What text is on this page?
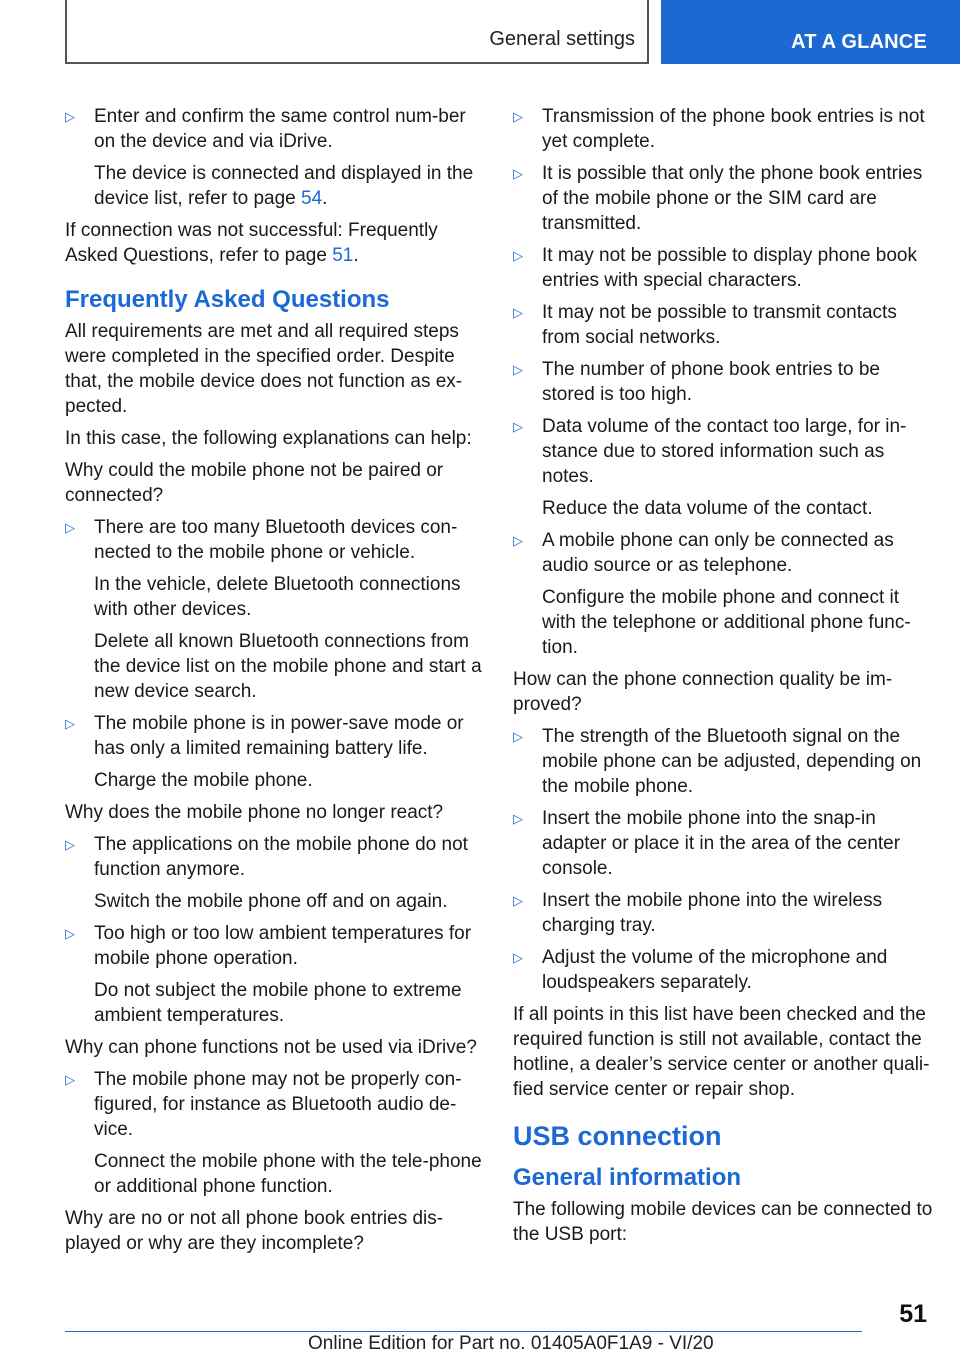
General settings	AT A GLANCE
▷ Enter and confirm the same control num‐ber on the device and via iDrive.
The device is connected and displayed in the device list, refer to page 54.
If connection was not successful: Frequently Asked Questions, refer to page 51.
Frequently Asked Questions
All requirements are met and all required steps were completed in the specified order. Despite that, the mobile device does not function as ex‐pected.
In this case, the following explanations can help:
Why could the mobile phone not be paired or connected?
▷ There are too many Bluetooth devices con‐nected to the mobile phone or vehicle.
In the vehicle, delete Bluetooth connections with other devices.
Delete all known Bluetooth connections from the device list on the mobile phone and start a new device search.
▷ The mobile phone is in power-save mode or has only a limited remaining battery life.
Charge the mobile phone.
Why does the mobile phone no longer react?
▷ The applications on the mobile phone do not function anymore.
Switch the mobile phone off and on again.
▷ Too high or too low ambient temperatures for mobile phone operation.
Do not subject the mobile phone to extreme ambient temperatures.
Why can phone functions not be used via iDrive?
▷ The mobile phone may not be properly con‐figured, for instance as Bluetooth audio de‐vice.
Connect the mobile phone with the tele‐phone or additional phone function.
Why are no or not all phone book entries dis‐played or why are they incomplete?
▷ Transmission of the phone book entries is not yet complete.
▷ It is possible that only the phone book entries of the mobile phone or the SIM card are transmitted.
▷ It may not be possible to display phone book entries with special characters.
▷ It may not be possible to transmit contacts from social networks.
▷ The number of phone book entries to be stored is too high.
▷ Data volume of the contact too large, for in‐stance due to stored information such as notes.
Reduce the data volume of the contact.
▷ A mobile phone can only be connected as audio source or as telephone.
Configure the mobile phone and connect it with the telephone or additional phone func‐tion.
How can the phone connection quality be im‐proved?
▷ The strength of the Bluetooth signal on the mobile phone can be adjusted, depending on the mobile phone.
▷ Insert the mobile phone into the snap-in adapter or place it in the area of the center console.
▷ Insert the mobile phone into the wireless charging tray.
▷ Adjust the volume of the microphone and loudspeakers separately.
If all points in this list have been checked and the required function is still not available, contact the hotline, a dealer’s service center or another quali‐fied service center or repair shop.
USB connection
General information
The following mobile devices can be connected to the USB port:
51
Online Edition for Part no. 01405A0F1A9 - VI/20
